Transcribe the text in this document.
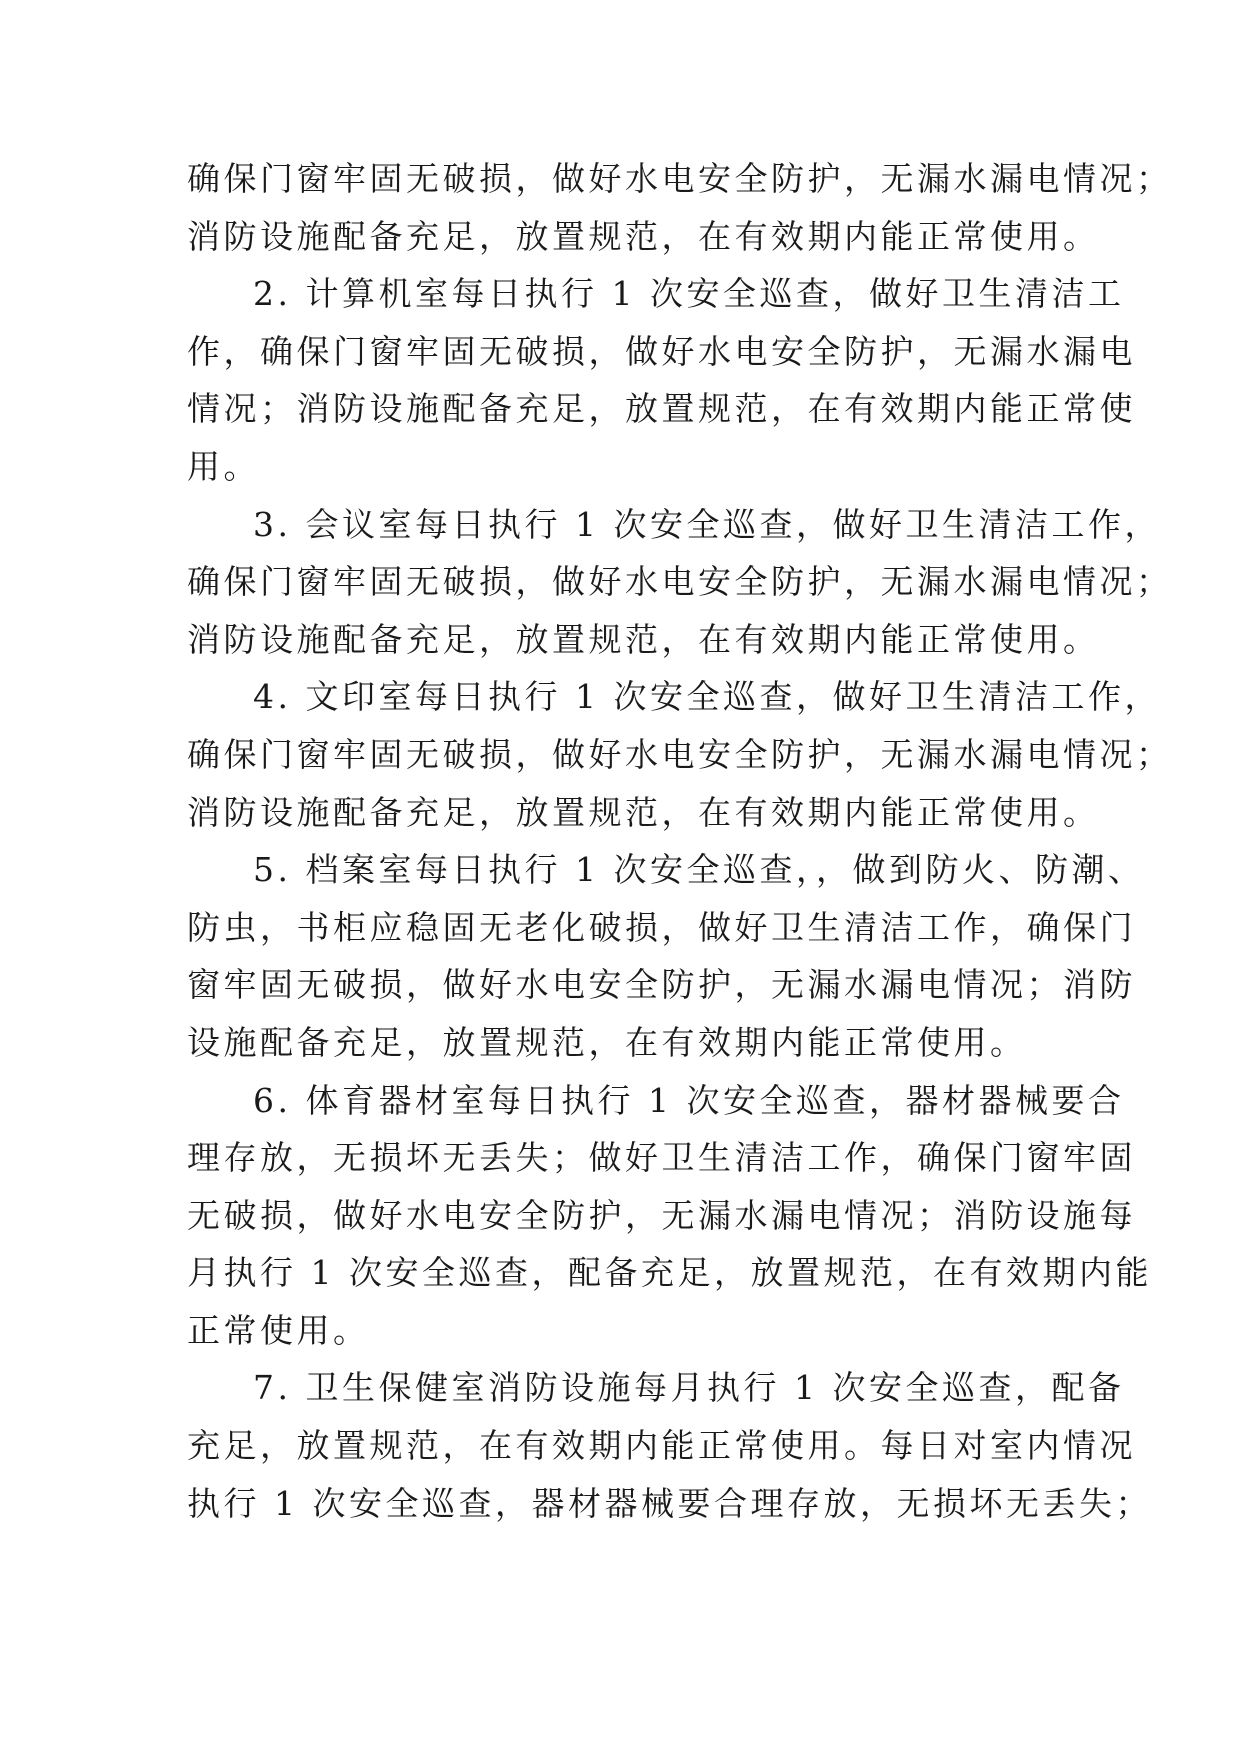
确保门窗牢固无破损，做好水电安全防护，无漏水漏电情况；
消防设施配备充足，放置规范，在有效期内能正常使用。
2. 计算机室每日执行 1 次安全巡查，做好卫生清洁工
作，确保门窗牢固无破损，做好水电安全防护，无漏水漏电
情况；消防设施配备充足，放置规范，在有效期内能正常使
用。
3. 会议室每日执行 1 次安全巡查，做好卫生清洁工作，
确保门窗牢固无破损，做好水电安全防护，无漏水漏电情况；
消防设施配备充足，放置规范，在有效期内能正常使用。
4. 文印室每日执行 1 次安全巡查，做好卫生清洁工作，
确保门窗牢固无破损，做好水电安全防护，无漏水漏电情况；
消防设施配备充足，放置规范，在有效期内能正常使用。
5. 档案室每日执行 1 次安全巡查，，做到防火、防潮、
防虫，书柜应稳固无老化破损，做好卫生清洁工作，确保门
窗牢固无破损，做好水电安全防护，无漏水漏电情况；消防
设施配备充足，放置规范，在有效期内能正常使用。
6. 体育器材室每日执行 1 次安全巡查，器材器械要合
理存放，无损坏无丢失；做好卫生清洁工作，确保门窗牢固
无破损，做好水电安全防护，无漏水漏电情况；消防设施每
月执行 1 次安全巡查，配备充足，放置规范，在有效期内能
正常使用。
7. 卫生保健室消防设施每月执行 1 次安全巡查，配备
充足，放置规范，在有效期内能正常使用。每日对室内情况
执行 1 次安全巡查，器材器械要合理存放，无损坏无丢失；
